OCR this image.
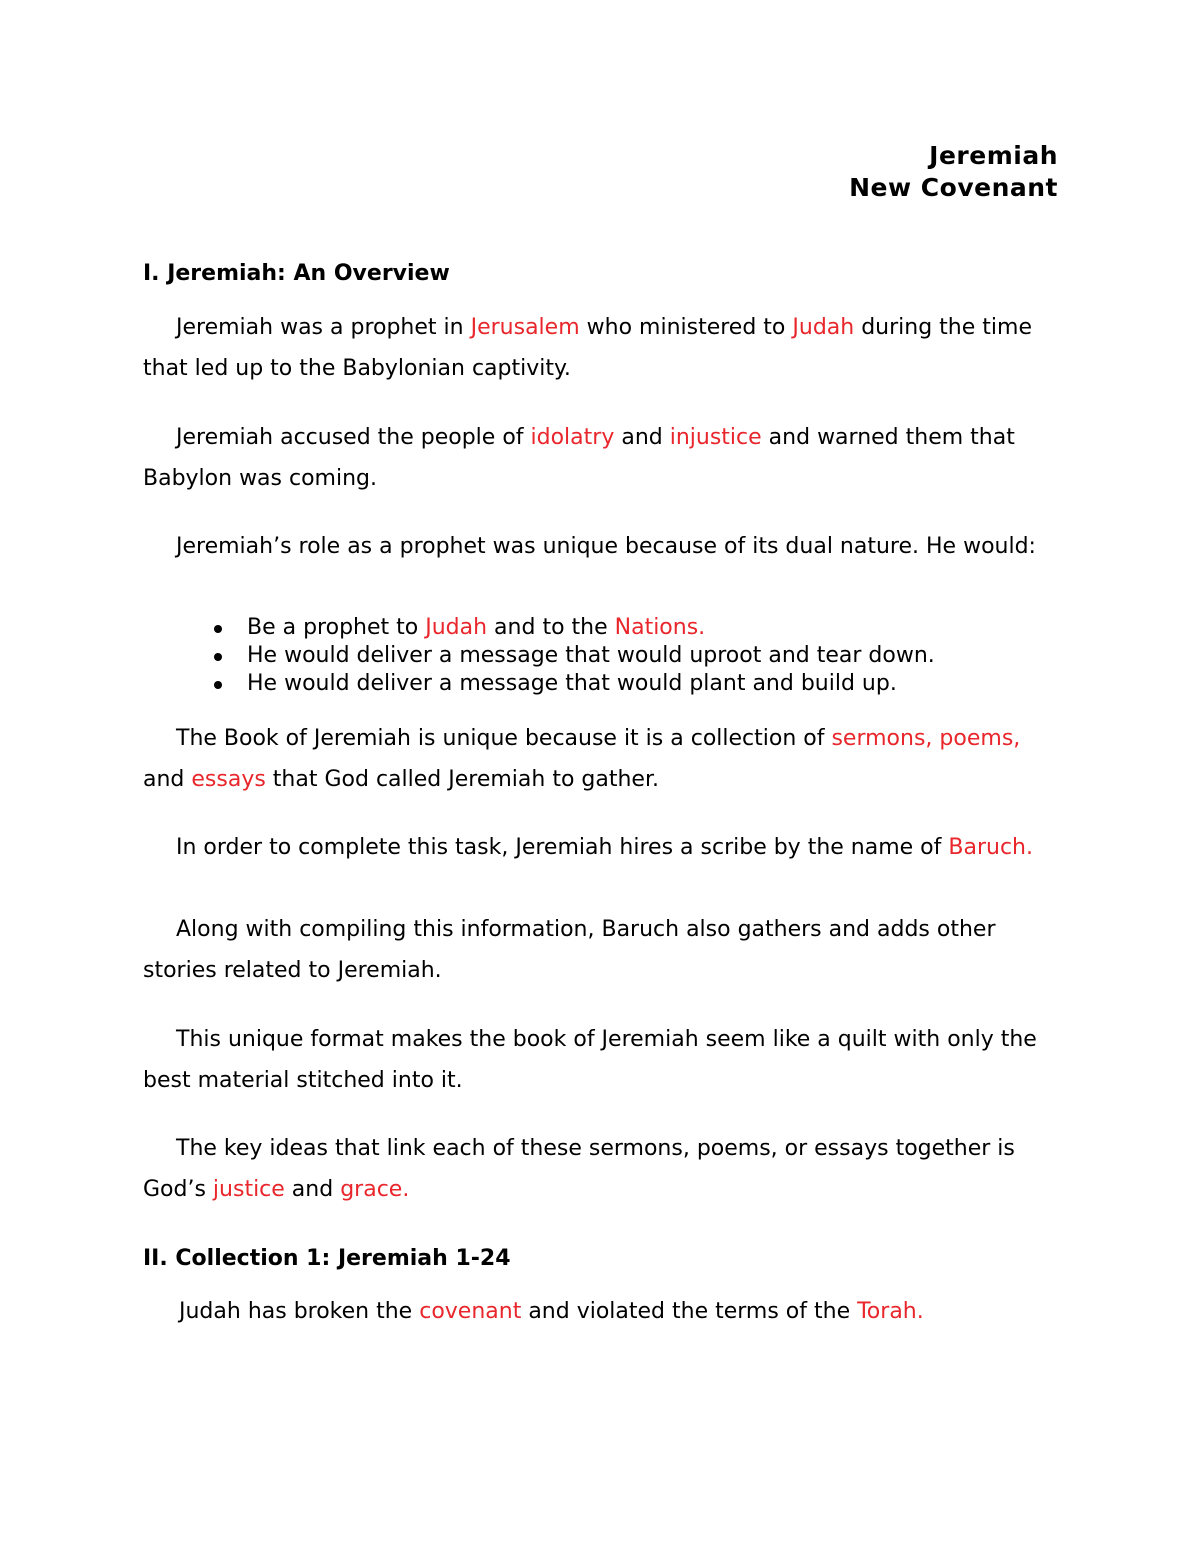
Jeremiah
New Covenant
I. Jeremiah: An Overview

Jeremiah was a prophet in Jerusalem who ministered to Judah during the time that led up to the Babylonian captivity.

Jeremiah accused the people of idolatry and injustice and warned them that Babylon was coming.

Jeremiah’s role as a prophet was unique because of its dual nature. He would:

Be a prophet to Judah and to the Nations.
He would deliver a message that would uproot and tear down.
He would deliver a message that would plant and build up.

The Book of Jeremiah is unique because it is a collection of sermons, poems, and essays that God called Jeremiah to gather.

In order to complete this task, Jeremiah hires a scribe by the name of Baruch.

Along with compiling this information, Baruch also gathers and adds other stories related to Jeremiah.

This unique format makes the book of Jeremiah seem like a quilt with only the best material stitched into it.

The key ideas that link each of these sermons, poems, or essays together is God’s justice and grace.

II. Collection 1: Jeremiah 1-24

Judah has broken the covenant and violated the terms of the Torah.
